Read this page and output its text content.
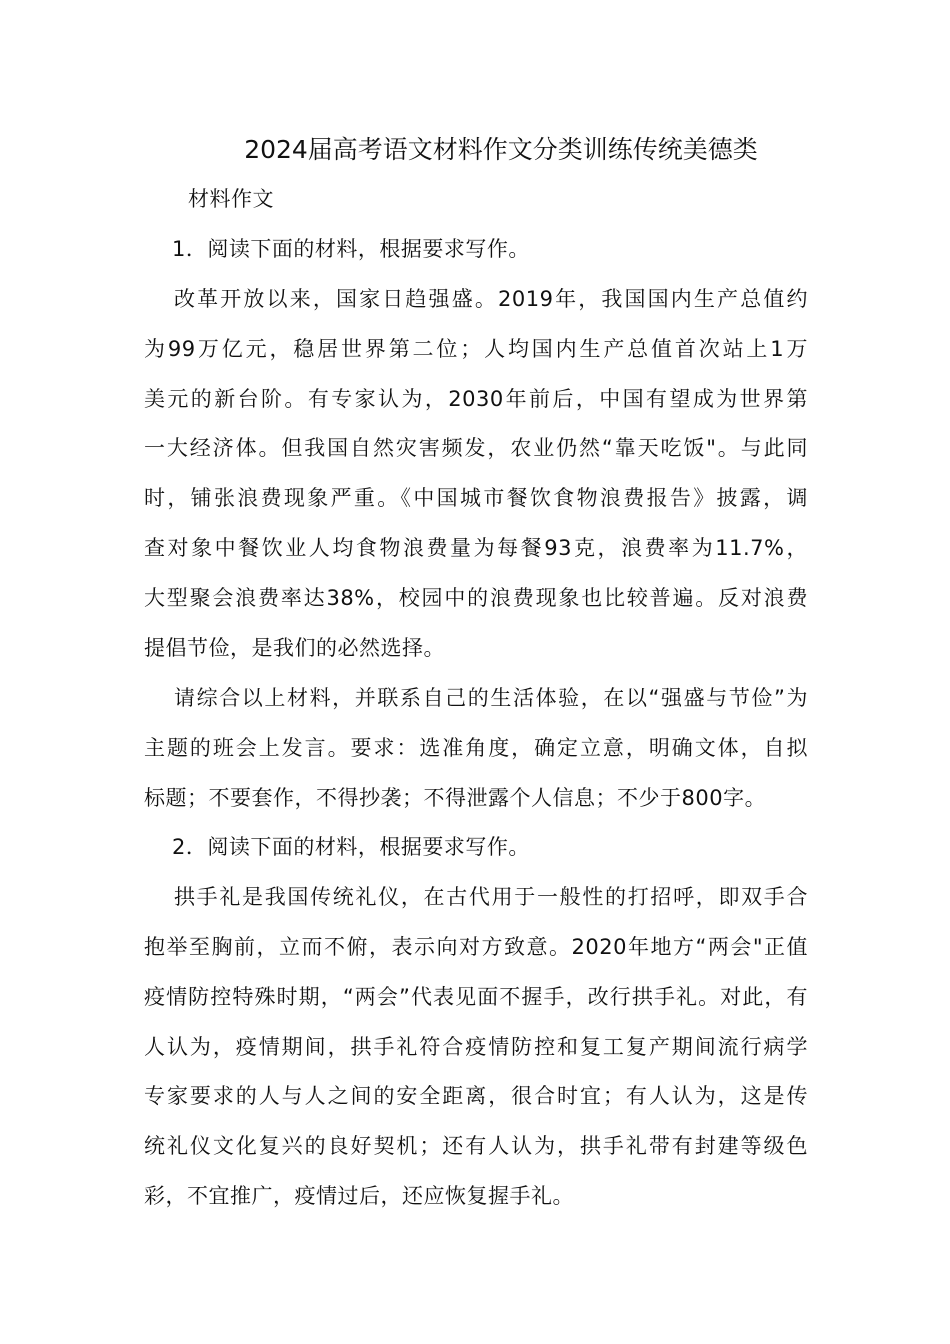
2024届高考语文材料作文分类训练传统美德类
材料作文
1．阅读下面的材料，根据要求写作。
改革开放以来，国家日趋强盛。2019年，我国国内生产总值约
为99万亿元，稳居世界第二位；人均国内生产总值首次站上1万
美元的新台阶。有专家认为，2030年前后，中国有望成为世界第
一大经济体。但我国自然灾害频发，农业仍然“靠天吃饭"。与此同
时，铺张浪费现象严重。《中国城市餐饮食物浪费报告》披露，调
查对象中餐饮业人均食物浪费量为每餐93克，浪费率为11.7%，
大型聚会浪费率达38%，校园中的浪费现象也比较普遍。反对浪费
提倡节俭，是我们的必然选择。
请综合以上材料，并联系自己的生活体验，在以“强盛与节俭”为
主题的班会上发言。要求：选准角度，确定立意，明确文体，自拟
标题；不要套作，不得抄袭；不得泄露个人信息；不少于800字。
2．阅读下面的材料，根据要求写作。
拱手礼是我国传统礼仪，在古代用于一般性的打招呼，即双手合
抱举至胸前，立而不俯，表示向对方致意。2020年地方“两会"正值
疫情防控特殊时期，“两会”代表见面不握手，改行拱手礼。对此，有
人认为，疫情期间，拱手礼符合疫情防控和复工复产期间流行病学
专家要求的人与人之间的安全距离，很合时宜；有人认为，这是传
统礼仪文化复兴的良好契机；还有人认为，拱手礼带有封建等级色
彩，不宜推广，疫情过后，还应恢复握手礼。
